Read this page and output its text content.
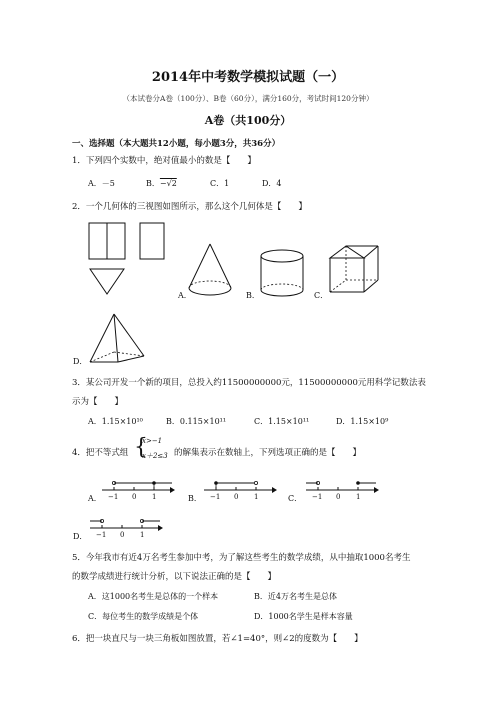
2014年中考数学模拟试题（一）
（本试卷分A卷（100分）、B卷（60分），满分160分，考试时间120分钟）
A卷（共100分）
一、选择题（本大题共12小题，每小题3分，共36分）
1．下列四个实数中，绝对值最小的数是【　　】
A．－5	B．−√2	C．1	D．4
2．一个几何体的三视图如图所示，那么这个几何体是【　　】
A．	B．	C．
D．
3．某公司开发一个新的项目，总投入约11500000000元，11500000000元用科学记数法表
示为【　　】
A．1.15×10¹⁰	B．0.115×10¹¹	C．1.15×10¹¹	D．1.15×10⁹
4．把不等式组 {
x>−1
x＋2≤3 的解集表示在数轴上，下列选项正确的是【　　】
A． −1 0 1	B． −1 0 1	C． −1 0 1
D． −1 0 1
5．今年我市有近4万名考生参加中考，为了解这些考生的数学成绩，从中抽取1000名考生
的数学成绩进行统计分析，以下说法正确的是【　　】
A．这1000名考生是总体的一个样本	B．近4万名考生是总体
C．每位考生的数学成绩是个体	D．1000名学生是样本容量
6．把一块直尺与一块三角板如图放置，若∠1=40°，则∠2的度数为【　　】
